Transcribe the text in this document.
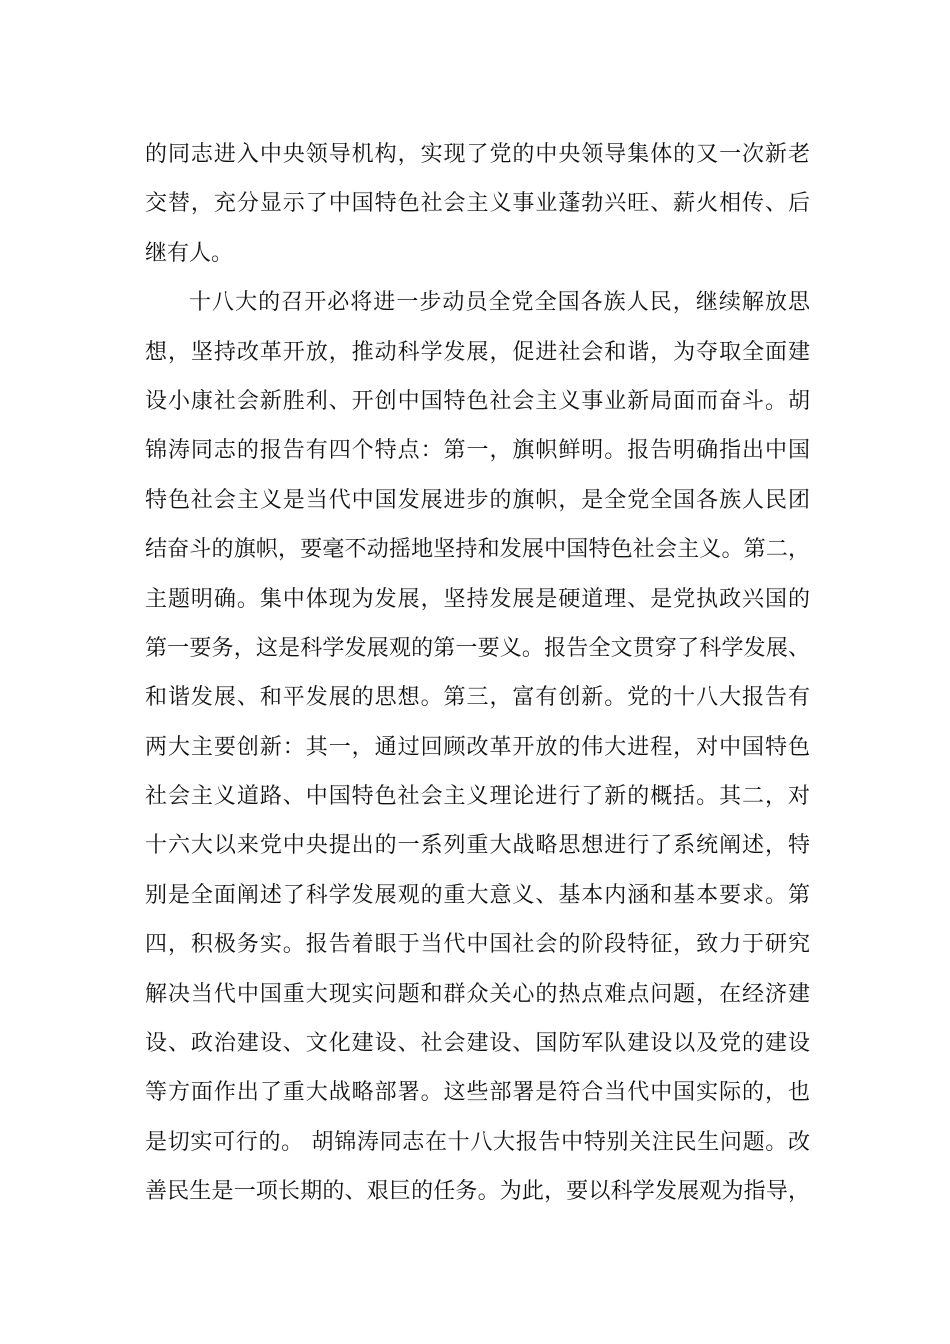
的同志进入中央领导机构，实现了党的中央领导集体的又一次新老
交替，充分显示了中国特色社会主义事业蓬勃兴旺、薪火相传、后
继有人。
十八大的召开必将进一步动员全党全国各族人民，继续解放思
想，坚持改革开放，推动科学发展，促进社会和谐，为夺取全面建
设小康社会新胜利、开创中国特色社会主义事业新局面而奋斗。胡
锦涛同志的报告有四个特点：第一，旗帜鲜明。报告明确指出中国
特色社会主义是当代中国发展进步的旗帜，是全党全国各族人民团
结奋斗的旗帜，要毫不动摇地坚持和发展中国特色社会主义。第二，
主题明确。集中体现为发展，坚持发展是硬道理、是党执政兴国的
第一要务，这是科学发展观的第一要义。报告全文贯穿了科学发展、
和谐发展、和平发展的思想。第三，富有创新。党的十八大报告有
两大主要创新：其一，通过回顾改革开放的伟大进程，对中国特色
社会主义道路、中国特色社会主义理论进行了新的概括。其二，对
十六大以来党中央提出的一系列重大战略思想进行了系统阐述，特
别是全面阐述了科学发展观的重大意义、基本内涵和基本要求。第
四，积极务实。报告着眼于当代中国社会的阶段特征，致力于研究
解决当代中国重大现实问题和群众关心的热点难点问题，在经济建
设、政治建设、文化建设、社会建设、国防军队建设以及党的建设
等方面作出了重大战略部署。这些部署是符合当代中国实际的，也
是切实可行的。 胡锦涛同志在十八大报告中特别关注民生问题。改
善民生是一项长期的、艰巨的任务。为此，要以科学发展观为指导，
